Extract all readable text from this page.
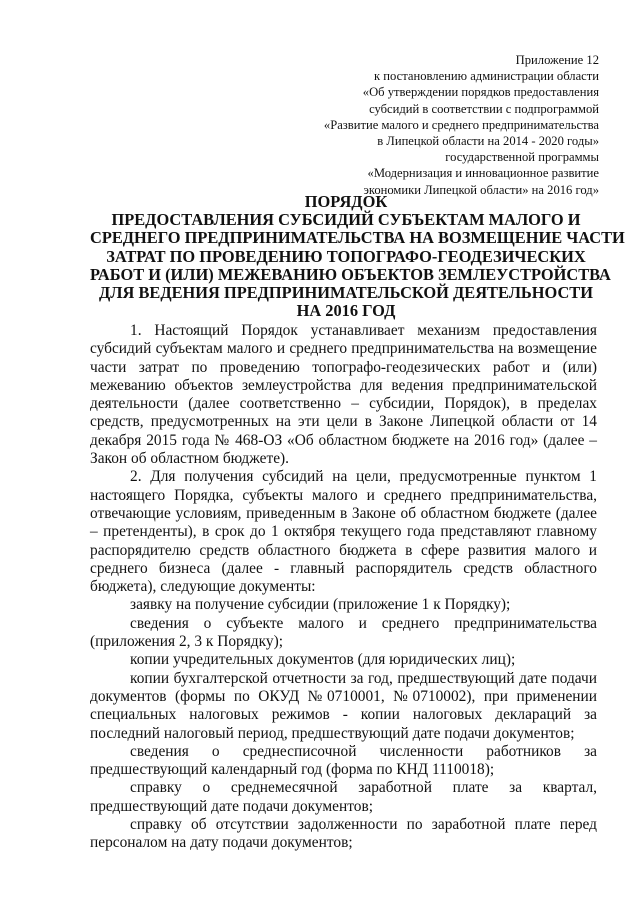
Приложение 12
к постановлению администрации области
«Об утверждении порядков предоставления
субсидий в соответствии с подпрограммой
«Развитие малого и среднего предпринимательства
в Липецкой области на 2014 - 2020 годы»
государственной программы
«Модернизация и инновационное развитие
экономики Липецкой области» на 2016 год»
ПОРЯДОК
ПРЕДОСТАВЛЕНИЯ СУБСИДИЙ СУБЪЕКТАМ МАЛОГО И
СРЕДНЕГО ПРЕДПРИНИМАТЕЛЬСТВА НА ВОЗМЕЩЕНИЕ ЧАСТИ
ЗАТРАТ ПО ПРОВЕДЕНИЮ ТОПОГРАФО-ГЕОДЕЗИЧЕСКИХ
РАБОТ И (ИЛИ) МЕЖЕВАНИЮ ОБЪЕКТОВ ЗЕМЛЕУСТРОЙСТВА
ДЛЯ ВЕДЕНИЯ ПРЕДПРИНИМАТЕЛЬСКОЙ ДЕЯТЕЛЬНОСТИ
НА 2016 ГОД

1. Настоящий Порядок устанавливает механизм предоставления субсидий субъектам малого и среднего предпринимательства на возмещение части затрат по проведению топографо-геодезических работ и (или) межеванию объектов землеустройства для ведения предпринимательской деятельности (далее соответственно – субсидии, Порядок), в пределах средств, предусмотренных на эти цели в Законе Липецкой области от 14 декабря 2015 года № 468-ОЗ «Об областном бюджете на 2016 год» (далее – Закон об областном бюджете).

2. Для получения субсидий на цели, предусмотренные пунктом 1 настоящего Порядка, субъекты малого и среднего предпринимательства, отвечающие условиям, приведенным в Законе об областном бюджете (далее – претенденты), в срок до 1 октября текущего года представляют главному распорядителю средств областного бюджета в сфере развития малого и среднего бизнеса (далее - главный распорядитель средств областного бюджета), следующие документы:

заявку на получение субсидии (приложение 1 к Порядку);

сведения о субъекте малого и среднего предпринимательства (приложения 2, 3 к Порядку);

копии учредительных документов (для юридических лиц);

копии бухгалтерской отчетности за год, предшествующий дате подачи документов (формы по ОКУД №0710001, №0710002), при применении специальных налоговых режимов - копии налоговых деклараций за последний налоговый период, предшествующий дате подачи документов;

сведения о среднесписочной численности работников за предшествующий календарный год (форма по КНД 1110018);

справку о среднемесячной заработной плате за квартал, предшествующий дате подачи документов;

справку об отсутствии задолженности по заработной плате перед персоналом на дату подачи документов;
